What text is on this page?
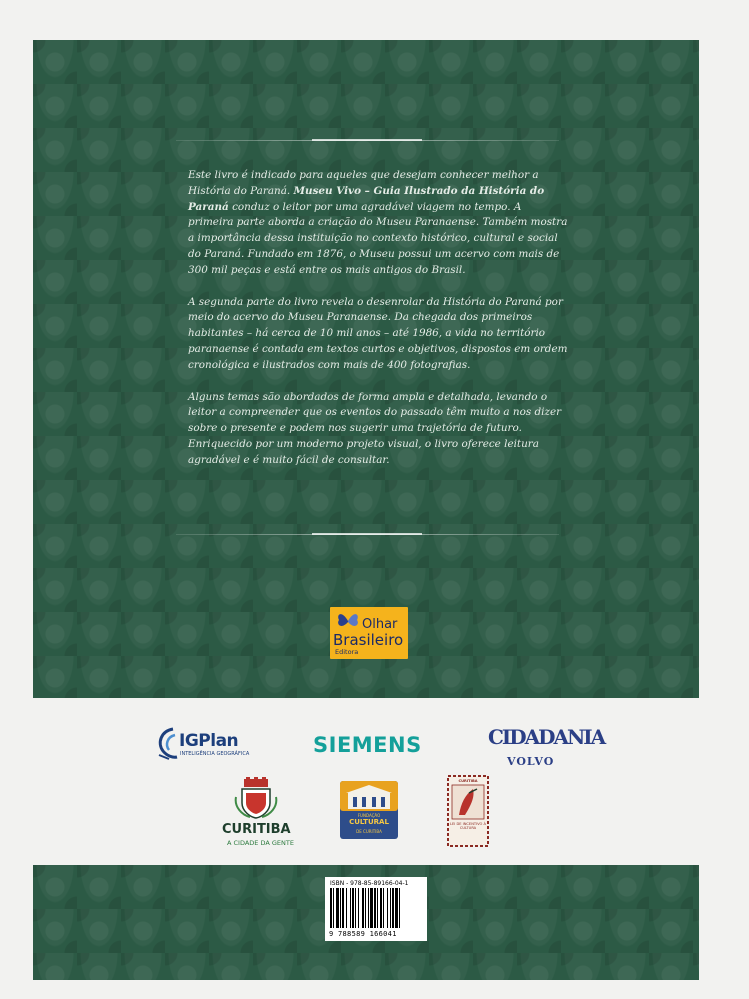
Este livro é indicado para aqueles que desejam conhecer melhor a História do Paraná. Museu Vivo – Guia Ilustrado da História do Paraná conduz o leitor por uma agradável viagem no tempo. A primeira parte aborda a criação do Museu Paranaense. Também mostra a importância dessa instituição no contexto histórico, cultural e social do Paraná. Fundado em 1876, o Museu possui um acervo com mais de 300 mil peças e está entre os mais antigos do Brasil.

A segunda parte do livro revela o desenrolar da História do Paraná por meio do acervo do Museu Paranaense. Da chegada dos primeiros habitantes – há cerca de 10 mil anos – até 1986, a vida no território paranaense é contada em textos curtos e objetivos, dispostos em ordem cronológica e ilustrados com mais de 400 fotografias.

Alguns temas são abordados de forma ampla e detalhada, levando o leitor a compreender que os eventos do passado têm muito a nos dizer sobre o presente e podem nos sugerir uma trajetória de futuro. Enriquecido por um moderno projeto visual, o livro oferece leitura agradável e é muito fácil de consultar.

Olhar
Brasileiro
Editora
IGPlan
INTELIGÊNCIA GEOGRÁFICA	SIEMENS	CIDADANIA
VOLVO
CURITIBA
A CIDADE DA GENTE
FUNDAÇÃO
CULTURAL
DE CURITIBA
CURITIBA
LEI DE INCENTIVO À CULTURA
ISBN - 978-85-89166-04-1
9 788589 166041
